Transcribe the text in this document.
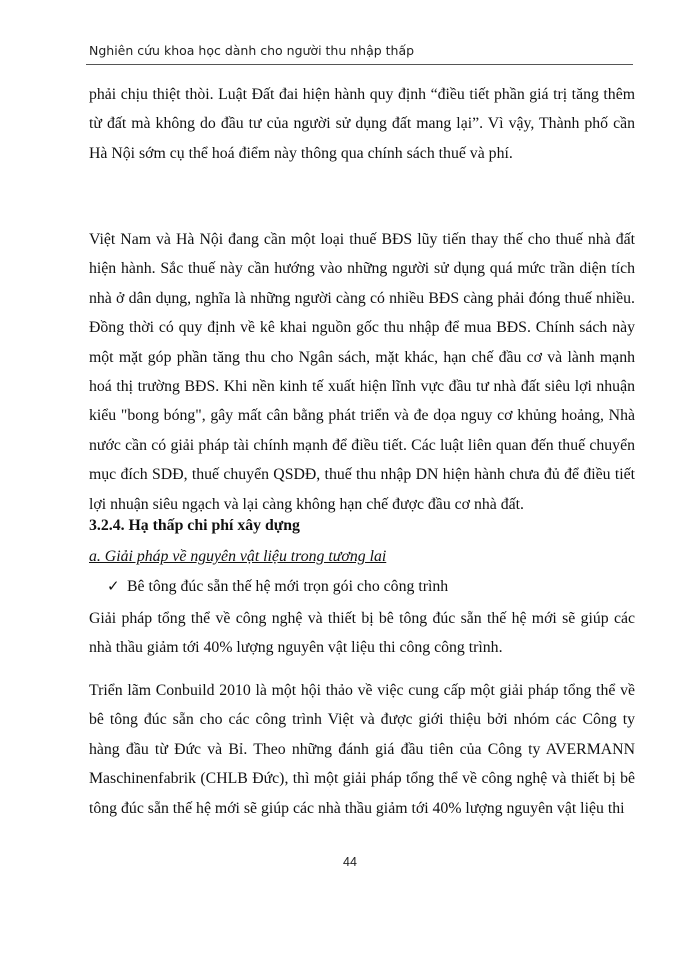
Nghiên cứu khoa học dành cho người thu nhập thấp

phải chịu thiệt thòi. Luật Đất đai hiện hành quy định “điều tiết phần giá trị tăng thêm từ đất mà không do đầu tư của người sử dụng đất mang lại”. Vì vậy, Thành phố cần Hà Nội sớm cụ thể hoá điểm này thông qua chính sách thuế và phí.

Việt Nam và Hà Nội đang cần một loại thuế BĐS lũy tiến thay thế cho thuế nhà đất hiện hành. Sắc thuế này cần hướng vào những người sử dụng quá mức trần diện tích nhà ở dân dụng, nghĩa là những người càng có nhiều BĐS càng phải đóng thuế nhiều. Đồng thời có quy định về kê khai nguồn gốc thu nhập để mua BĐS. Chính sách này một mặt góp phần tăng thu cho Ngân sách, mặt khác, hạn chế đầu cơ và lành mạnh hoá thị trường BĐS. Khi nền kinh tế xuất hiện lĩnh vực đầu tư nhà đất siêu lợi nhuận kiểu "bong bóng", gây mất cân bằng phát triển và đe dọa nguy cơ khủng hoảng, Nhà nước cần có giải pháp tài chính mạnh để điều tiết. Các luật liên quan đến thuế chuyển mục đích SDĐ, thuế chuyển QSDĐ, thuế thu nhập DN hiện hành chưa đủ để điều tiết lợi nhuận siêu ngạch và lại càng không hạn chế được đầu cơ nhà đất.

3.2.4. Hạ thấp chi phí xây dựng
a. Giải pháp về nguyên vật liệu trong tương lai
✓ Bê tông đúc sẵn thế hệ mới trọn gói cho công trình

Giải pháp tổng thể về công nghệ và thiết bị bê tông đúc sẵn thế hệ mới sẽ giúp các nhà thầu giảm tới 40% lượng nguyên vật liệu thi công công trình.

Triển lãm Conbuild 2010 là một hội thảo về việc cung cấp một giải pháp tổng thể về bê tông đúc sẵn cho các công trình Việt và được giới thiệu bởi nhóm các Công ty hàng đầu từ Đức và Bỉ. Theo những đánh giá đầu tiên của Công ty AVERMANN Maschinenfabrik (CHLB Đức), thì một giải pháp tổng thể về công nghệ và thiết bị bê tông đúc sẵn thế hệ mới sẽ giúp các nhà thầu giảm tới 40% lượng nguyên vật liệu thi

44
